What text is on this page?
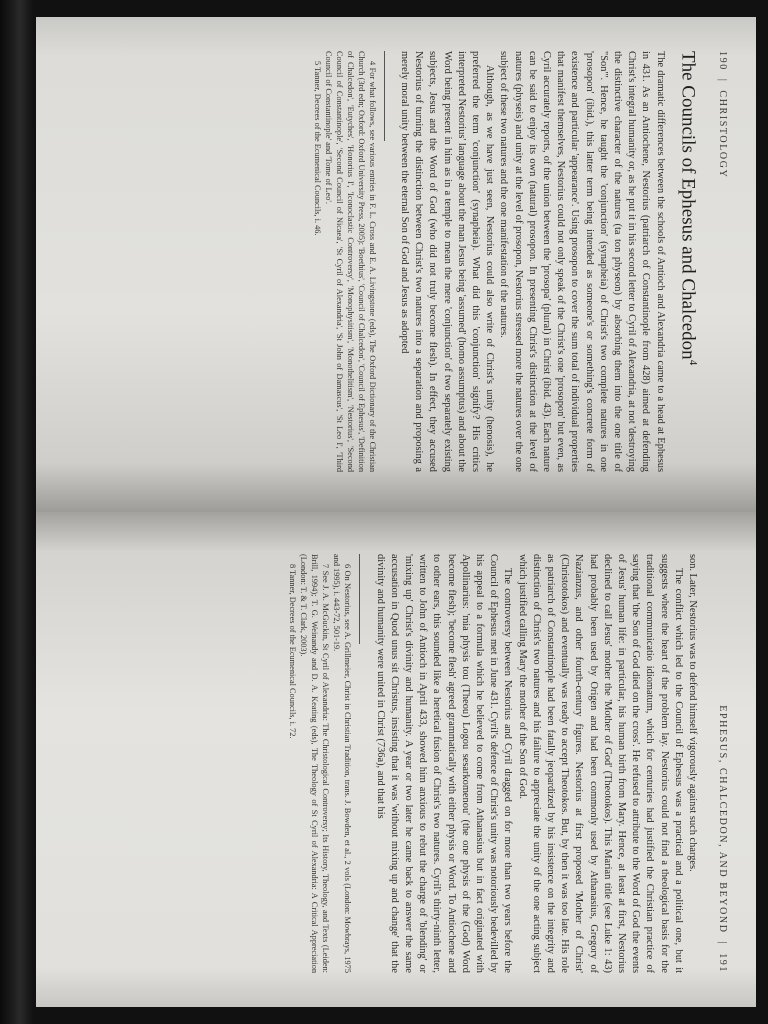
190|CHRISTOLOGY
The Councils of Ephesus and Chalcedon$^4$

The dramatic differences between the schools of Antioch and Alexandria came to a head at Ephesus in 431. As an Antiochene, Nestorius (patriarch of Constantinople from 428) aimed at defending Christ's integral humanity or, as he put it in his second letter to Cyril of Alexandria, at not 'destroying the distinctive character of the natures (ta ton physeon) by absorbing them into the one title of "Son"'. Hence, he taught the 'conjunction' (synapheia) of Christ's two complete natures in one 'prosopon' (ibid.), this latter term being intended as someone's or something's concrete form of existence and particular 'appearance'. Using prosopon to cover the sum total of individual properties that manifest themselves, Nestorius could not only speak of the Christ's one 'prosopon' but even, as Cyril accurately reports, of the union between the 'prosopa' (plural) in Christ (ibid. 43). Each nature can be said to enjoy its own (natural) prosopon. In presenting Christ's distinction at the level of natures (physeis) and unity at the level of prosopon, Nestorius stressed more the natures over the one subject of these two natures and the one manifestation of the natures.

Although, as we have just seen, Nestorius could also write of Christ's unity (henosis), he preferred the term 'conjunction' (synapheia). What did this 'conjunction' signify? His critics interpreted Nestorius' language about the man Jesus being 'assumed' (homo assumptus) and about the Word being present in him as in a temple to mean the mere 'conjunction' of two separately existing subjects, Jesus and the Word of God (who did not truly become flesh). In effect, they accused Nestorius of turning the distinction between Christ's two natures into a separation and proposing a merely moral unity between the eternal Son of God and Jesus as adopted

4 For what follows, see various entries in F. L. Cross and E. A. Livingstone (eds), The Oxford Dictionary of the Christian Church (3rd edn; Oxford: Oxford University Press, 2005): 'Boethius', 'Council of Chalcedon', 'Council of Ephesus', 'Definition of Chalcedon', 'Eutyches', 'Honorius I', 'Iconoclastic Controversy', 'Monophysitism', 'Monothelitism', 'Nestorius', 'Second Council of Constantinople', 'Second Council of Nicaea', 'St Cyril of Alexandria', 'St John of Damascus', 'St Leo I', 'Third Council of Constantinople' and 'Tome of Leo'.

5 Tanner, Decrees of the Ecumenical Councils, i. 46.

EPHESUS, CHALCEDON, AND BEYOND|191

son. Later, Nestorius was to defend himself vigorously against such charges.

The conflict which led to the Council of Ephesus was a practical and a political one, but it suggests where the heart of the problem lay. Nestorius could not find a theological basis for the traditional communicatio idiomatum, which for centuries had justified the Christian practice of saying that 'the Son of God died on the cross'. He refused to attribute to the Word of God the events of Jesus' human life: in particular, his human birth from Mary. Hence, at least at first, Nestorius declined to call Jesus' mother the 'Mother of God' (Theotokos). This Marian title (see Luke 1: 43) had probably been used by Origen and had been commonly used by Athanasius, Gregory of Nazianzus, and other fourth-century figures. Nestorius at first proposed 'Mother of Christ' (Christotokos) and eventually was ready to accept Theotokos. But, by then it was too late. His role as patriarch of Constantinople had been fatally jeopardized by his insistence on the integrity and distinction of Christ's two natures and his failure to appreciate the unity of the one acting subject which justified calling Mary the mother of the Son of God.

The controversy between Nestorius and Cyril dragged on for more than two years before the Council of Ephesus met in June 431. Cyril's defence of Christ's unity was notoriously bedevilled by his appeal to a formula which he believed to come from Athanasius but in fact originated with Apollinarius: 'mia physis tou (Theou) Logou sesarkomenou' (the one physis of the (God) Word become flesh); 'become flesh' agreed grammatically with either physis or Word. To Antiochene and to other ears, this sounded like a heretical fusion of Christ's two natures. Cyril's thirty-ninth letter, written to John of Antioch in April 433, showed him anxious to rebut the charge of 'blending' or 'mixing up' Christ's divinity and humanity. A year or two later he came back to answer the same accusation in Quod unus sit Christus, insisting that it was 'without mixing up and change' that the divinity and humanity were united in Christ (736a), and that his

6 On Nestorius, see A. Grillmeier, Christ in Christian Tradition, trans. J. Bowden, et al., 2 vols (London: Mowbrays, 1975 and 1995), i. 443-72, 501-19.

7 See J. A. McGuckin, St Cyril of Alexandria: The Christological Controversy; Its History, Theology, and Texts (Leiden: Brill, 1994); T. G. Weinandy and D. A. Keating (eds), The Theology of St Cyril of Alexandria: A Critical Appreciation (London: T. & T. Clark, 2003).

8 Tanner, Decrees of the Ecumenical Councils, i. 72.
